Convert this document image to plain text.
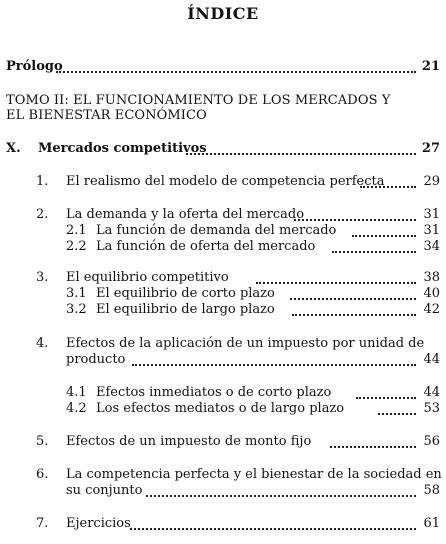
ÍNDICE
Prólogo	21
TOMO II: EL FUNCIONAMIENTO DE LOS MERCADOS Y
EL BIENESTAR ECONÓMICO
X. Mercados competitivos	27
1. El realismo del modelo de competencia perfecta	29
2. La demanda y la oferta del mercado	31
2.1 La función de demanda del mercado	31
2.2 La función de oferta del mercado	34
3. El equilibrio competitivo	38
3.1 El equilibrio de corto plazo	40
3.2 El equilibrio de largo plazo	42
4. Efectos de la aplicación de un impuesto por unidad de
producto	44
4.1 Efectos inmediatos o de corto plazo	44
4.2 Los efectos mediatos o de largo plazo	53
5. Efectos de un impuesto de monto fijo	56
6. La competencia perfecta y el bienestar de la sociedad en
su conjunto	58
7. Ejercicios	61
